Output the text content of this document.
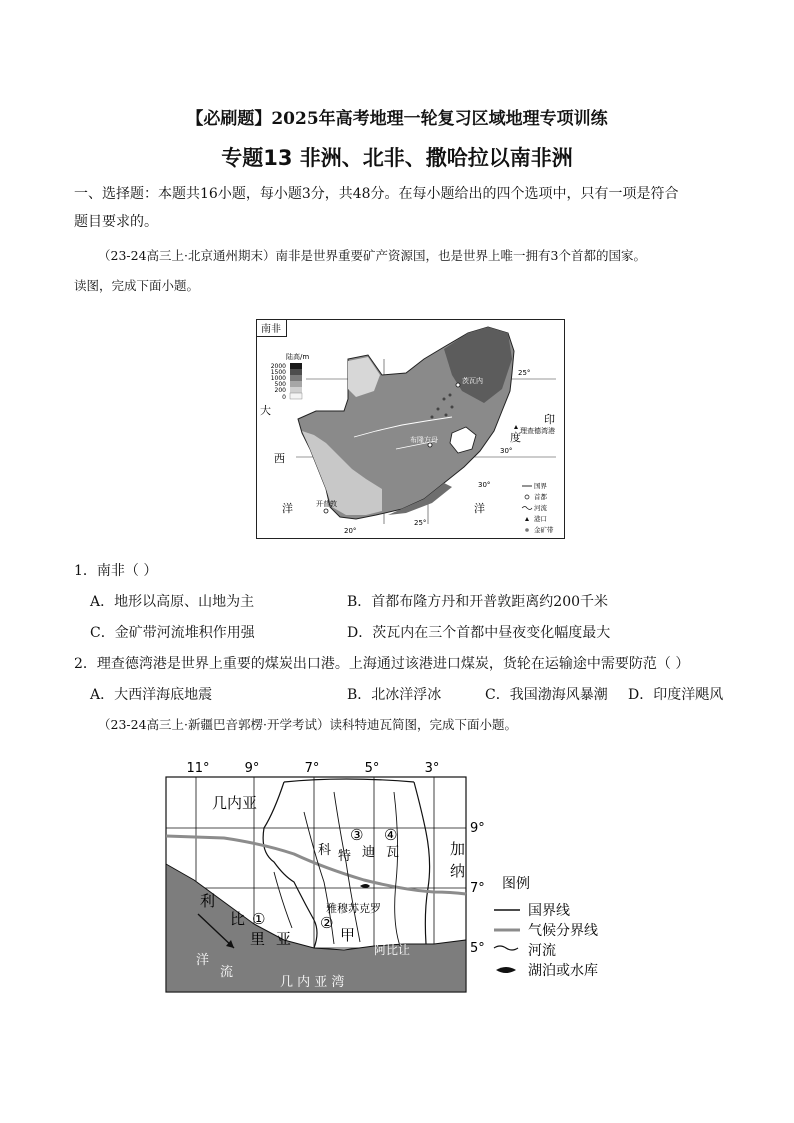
【必刷题】2025年高考地理一轮复习区域地理专项训练
专题13 非洲、北非、撒哈拉以南非洲
一、选择题：本题共16小题，每小题3分，共48分。在每小题给出的四个选项中，只有一项是符合
题目要求的。
（23-24高三上·北京通州期末）南非是世界重要矿产资源国，也是世界上唯一拥有3个首都的国家。
读图，完成下面小题。
南非
陆高/m
2000
1500
1000
500
200
0
25°
30°
30°
20°
25°
大
西
洋
印
度
洋
茨瓦内
布隆方丹
开普敦
理查德湾港
国界
首都
河流
港口
金矿带
1．南非（ ）
A．地形以高原、山地为主	B．首都布隆方丹和开普敦距离约200千米
C．金矿带河流堆积作用强	D．茨瓦内在三个首都中昼夜变化幅度最大
2．理查德湾港是世界上重要的煤炭出口港。上海通过该港进口煤炭，货轮在运输途中需要防范（ ）
A．大西洋海底地震	B．北冰洋浮冰	C．我国渤海风暴潮 D．印度洋飓风
（23-24高三上·新疆巴音郭楞·开学考试）读科特迪瓦简图，完成下面小题。
11°	9°	7°	5°	3°
几内亚
科 特 迪 瓦	加
纳
利
比
里 亚
①	②
③ ④
甲
雅穆苏克罗
阿比让
洋
流
几 内 亚 湾
9°
7°
5°
图例
国界线
气候分界线
河流
湖泊或水库
